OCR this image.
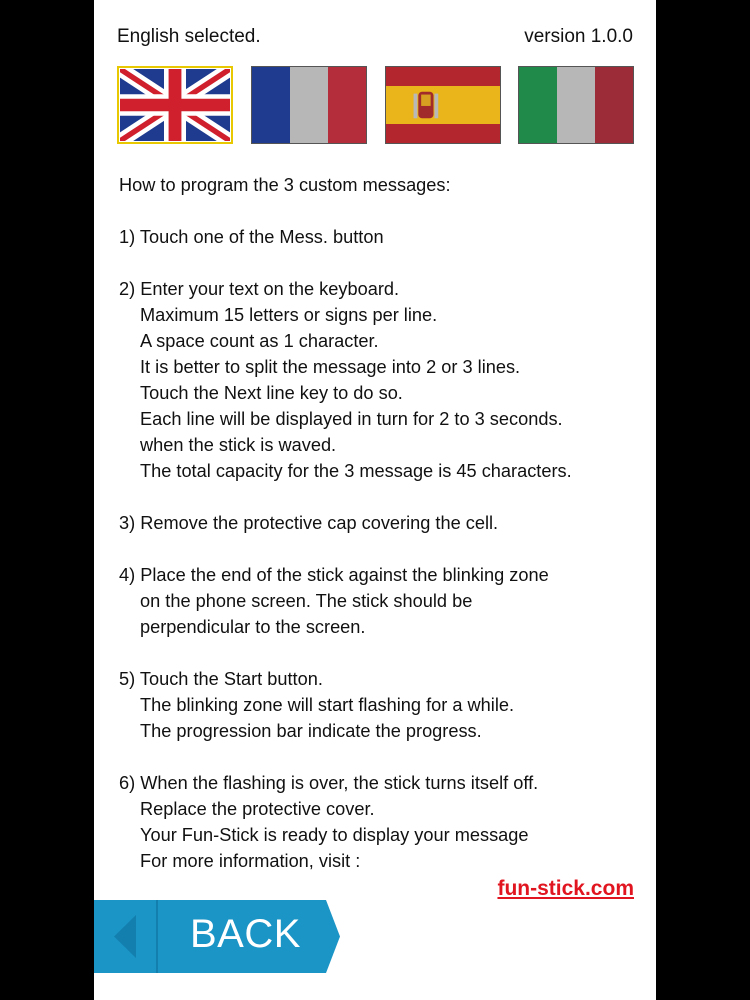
English selected.	version 1.0.0
How to program the 3 custom messages:
1) Touch one of the Mess. button
2) Enter your text on the keyboard.
Maximum 15 letters or signs per line.
A space count as 1 character.
It is better to split the message into 2 or 3 lines.
Touch the Next line key to do so.
Each line will be displayed in turn for 2 to 3 seconds.
when the stick is waved.
The total capacity for the 3 message is 45 characters.
3) Remove the protective cap covering the cell.
4) Place the end of the stick against the blinking zone
on the phone screen. The stick should be
perpendicular to the screen.
5) Touch the Start button.
The blinking zone will start flashing for a while.
The progression bar indicate the progress.
6) When the flashing is over, the stick turns itself off.
Replace the protective cover.
Your Fun-Stick is ready to display your message
For more information, visit :
fun-stick.com
BACK
